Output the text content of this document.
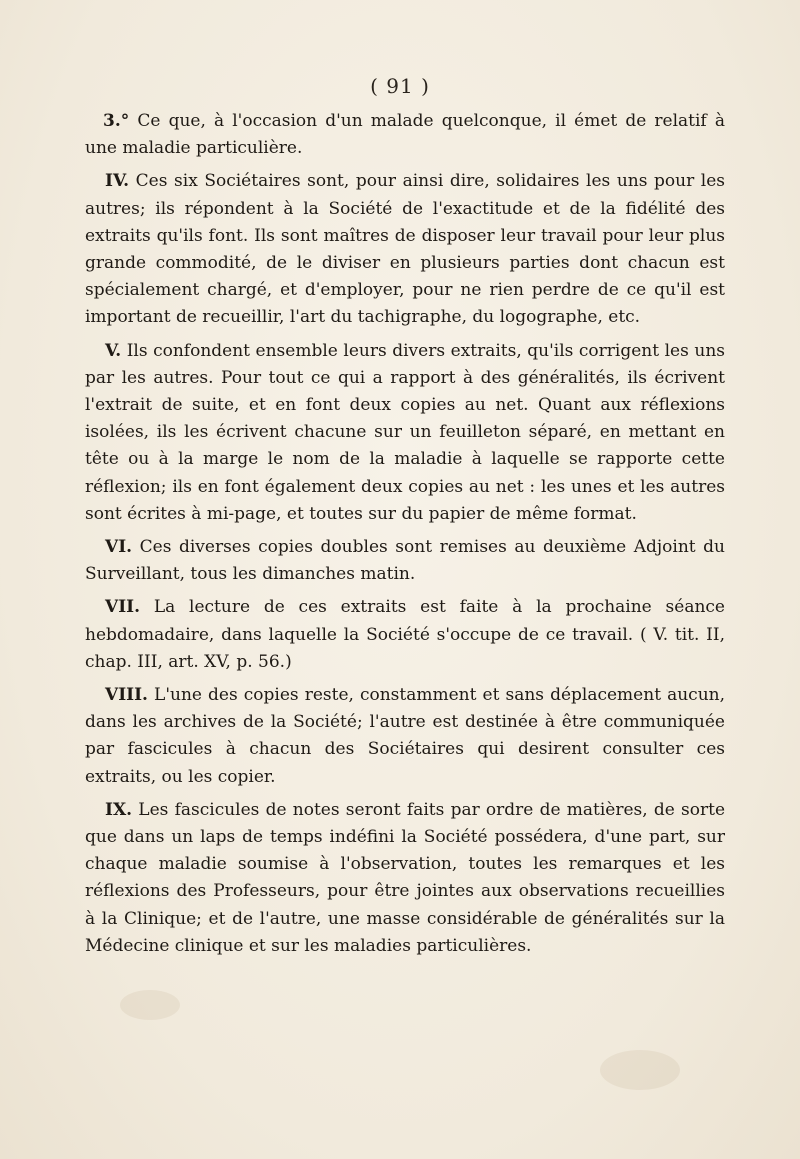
( 91 )

3.° Ce que, à l'occasion d'un malade quelconque, il émet de relatif à une maladie particulière.

IV. Ces six Sociétaires sont, pour ainsi dire, solidaires les uns pour les autres; ils répondent à la Société de l'exactitude et de la fidélité des extraits qu'ils font. Ils sont maîtres de disposer leur travail pour leur plus grande commodité, de le diviser en plusieurs parties dont chacun est spécialement chargé, et d'employer, pour ne rien perdre de ce qu'il est important de recueillir, l'art du tachigraphe, du logographe, etc.

V. Ils confondent ensemble leurs divers extraits, qu'ils corrigent les uns par les autres. Pour tout ce qui a rapport à des généralités, ils écrivent l'extrait de suite, et en font deux copies au net. Quant aux réflexions isolées, ils les écrivent chacune sur un feuilleton séparé, en mettant en tête ou à la marge le nom de la maladie à laquelle se rapporte cette réflexion; ils en font également deux copies au net : les unes et les autres sont écrites à mi-page, et toutes sur du papier de même format.

VI. Ces diverses copies doubles sont remises au deuxième Adjoint du Surveillant, tous les dimanches matin.

VII. La lecture de ces extraits est faite à la prochaine séance hebdomadaire, dans laquelle la Société s'occupe de ce travail. ( V. tit. II, chap. III, art. XV, p. 56.)

VIII. L'une des copies reste, constamment et sans déplacement aucun, dans les archives de la Société; l'autre est destinée à être communiquée par fascicules à chacun des Sociétaires qui desirent consulter ces extraits, ou les copier.

IX. Les fascicules de notes seront faits par ordre de matières, de sorte que dans un laps de temps indéfini la Société possédera, d'une part, sur chaque maladie soumise à l'observation, toutes les remarques et les réflexions des Professeurs, pour être jointes aux observations recueillies à la Clinique; et de l'autre, une masse considérable de généralités sur la Médecine clinique et sur les maladies particulières.
